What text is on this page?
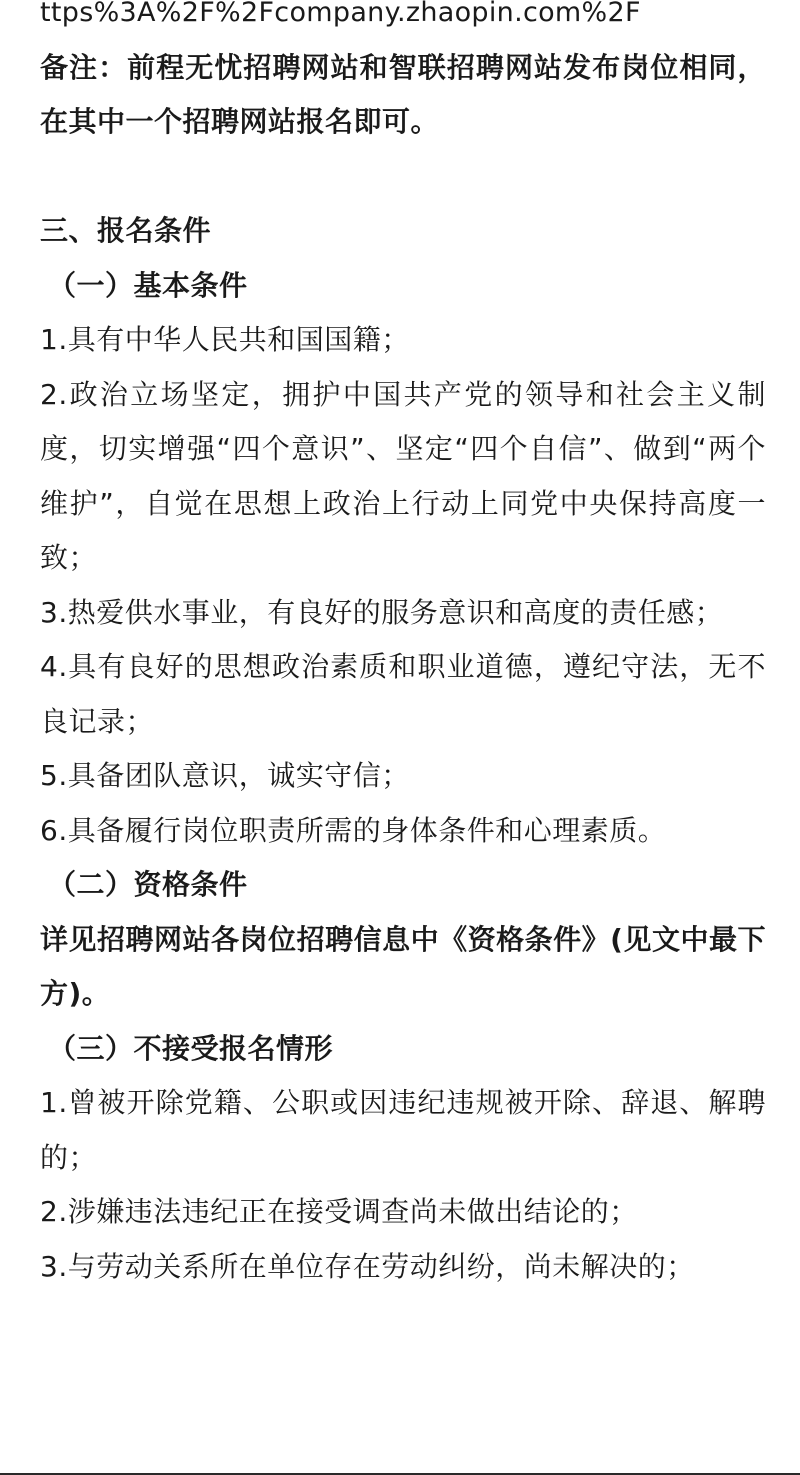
ttps%3A%2F%2Fcompany.zhaopin.com%2F

备注：前程无忧招聘网站和智联招聘网站发布岗位相同，在其中一个招聘网站报名即可。

三、报名条件

（一）基本条件

1.具有中华人民共和国国籍；

2.政治立场坚定，拥护中国共产党的领导和社会主义制度，切实增强“四个意识”、坚定“四个自信”、做到“两个维护”，自觉在思想上政治上行动上同党中央保持高度一致；

3.热爱供水事业，有良好的服务意识和高度的责任感；

4.具有良好的思想政治素质和职业道德，遵纪守法，无不良记录；

5.具备团队意识，诚实守信；

6.具备履行岗位职责所需的身体条件和心理素质。

（二）资格条件

详见招聘网站各岗位招聘信息中《资格条件》(见文中最下方)。

（三）不接受报名情形

1.曾被开除党籍、公职或因违纪违规被开除、辞退、解聘的；

2.涉嫌违法违纪正在接受调查尚未做出结论的；

3.与劳动关系所在单位存在劳动纠纷，尚未解决的；
